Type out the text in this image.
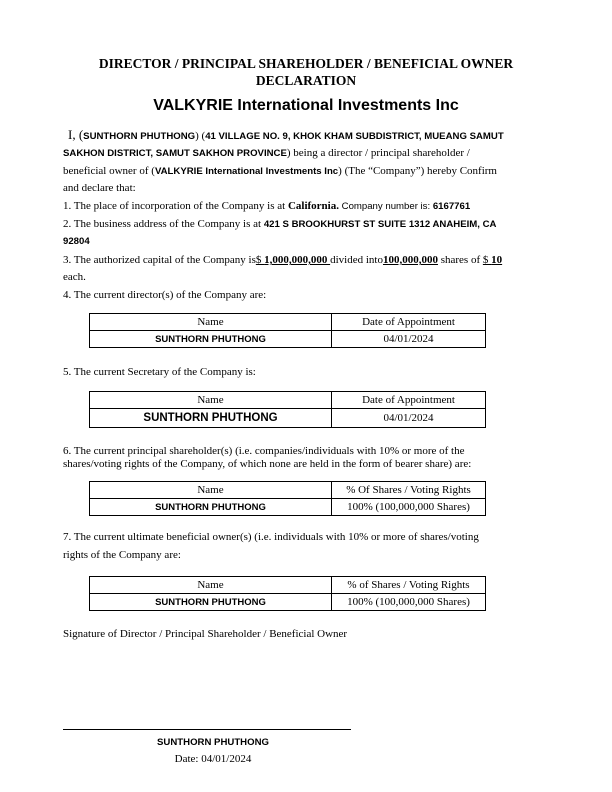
DIRECTOR / PRINCIPAL SHAREHOLDER / BENEFICIAL OWNER
DECLARATION
VALKYRIE International Investments Inc
I, (SUNTHORN PHUTHONG) (41 VILLAGE NO. 9, KHOK KHAM SUBDISTRICT, MUEANG SAMUT
SAKHON DISTRICT, SAMUT SAKHON PROVINCE) being a director / principal shareholder /
beneficial owner of (VALKYRIE International Investments Inc) (The “Company”) hereby Confirm
and declare that:
1. The place of incorporation of the Company is at California. Company number is: 6167761
2. The business address of the Company is at 421 S BROOKHURST ST SUITE 1312 ANAHEIM, CA
92804
3. The authorized capital of the Company is$ 1,000,000,000 divided into100,000,000 shares of $ 10
each.
4. The current director(s) of the Company are:
Name	Date of Appointment
SUNTHORN PHUTHONG	04/01/2024
5. The current Secretary of the Company is:
Name	Date of Appointment
SUNTHORN PHUTHONG	04/01/2024
6. The current principal shareholder(s) (i.e. companies/individuals with 10% or more of the
shares/voting rights of the Company, of which none are held in the form of bearer share) are:
Name	% Of Shares / Voting Rights
SUNTHORN PHUTHONG	100% (100,000,000 Shares)
7. The current ultimate beneficial owner(s) (i.e. individuals with 10% or more of shares/voting
rights of the Company are:
Name	% of Shares / Voting Rights
SUNTHORN PHUTHONG	100% (100,000,000 Shares)
Signature of Director / Principal Shareholder / Beneficial Owner
SUNTHORN PHUTHONG
Date: 04/01/2024
